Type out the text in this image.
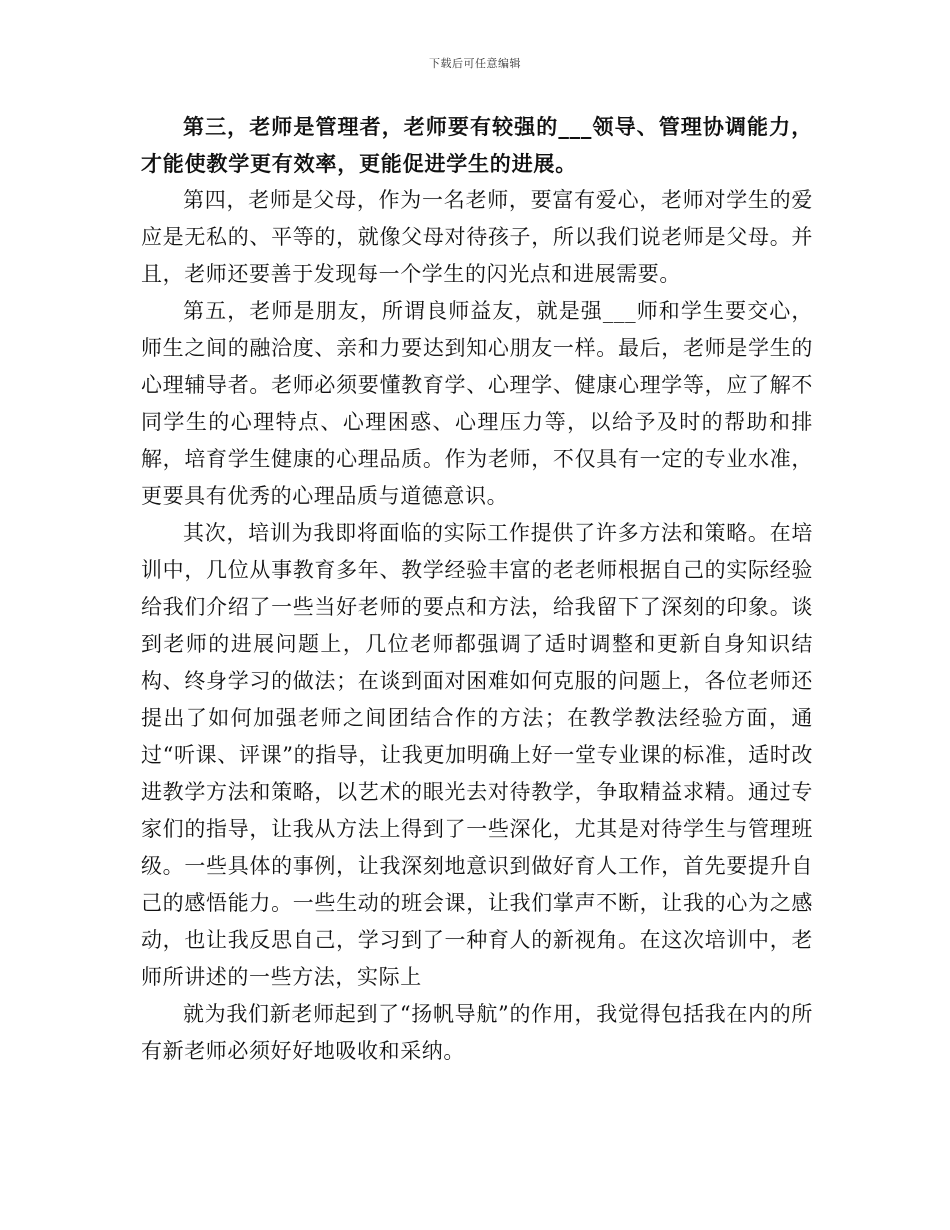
下载后可任意编辑

第三，老师是管理者，老师要有较强的___领导、管理协调能力，才能使教学更有效率，更能促进学生的进展。

第四，老师是父母，作为一名老师，要富有爱心，老师对学生的爱应是无私的、平等的，就像父母对待孩子，所以我们说老师是父母。并且，老师还要善于发现每一个学生的闪光点和进展需要。

第五，老师是朋友，所谓良师益友，就是强___师和学生要交心，师生之间的融洽度、亲和力要达到知心朋友一样。最后，老师是学生的心理辅导者。老师必须要懂教育学、心理学、健康心理学等，应了解不同学生的心理特点、心理困惑、心理压力等，以给予及时的帮助和排解，培育学生健康的心理品质。作为老师，不仅具有一定的专业水准，更要具有优秀的心理品质与道德意识。

其次，培训为我即将面临的实际工作提供了许多方法和策略。在培训中，几位从事教育多年、教学经验丰富的老老师根据自己的实际经验给我们介绍了一些当好老师的要点和方法，给我留下了深刻的印象。谈到老师的进展问题上，几位老师都强调了适时调整和更新自身知识结构、终身学习的做法；在谈到面对困难如何克服的问题上，各位老师还提出了如何加强老师之间团结合作的方法；在教学教法经验方面，通过“听课、评课”的指导，让我更加明确上好一堂专业课的标准，适时改进教学方法和策略，以艺术的眼光去对待教学，争取精益求精。通过专家们的指导，让我从方法上得到了一些深化，尤其是对待学生与管理班级。一些具体的事例，让我深刻地意识到做好育人工作，首先要提升自己的感悟能力。一些生动的班会课，让我们掌声不断，让我的心为之感动，也让我反思自己，学习到了一种育人的新视角。在这次培训中，老师所讲述的一些方法，实际上

就为我们新老师起到了“扬帆导航”的作用，我觉得包括我在内的所有新老师必须好好地吸收和采纳。
